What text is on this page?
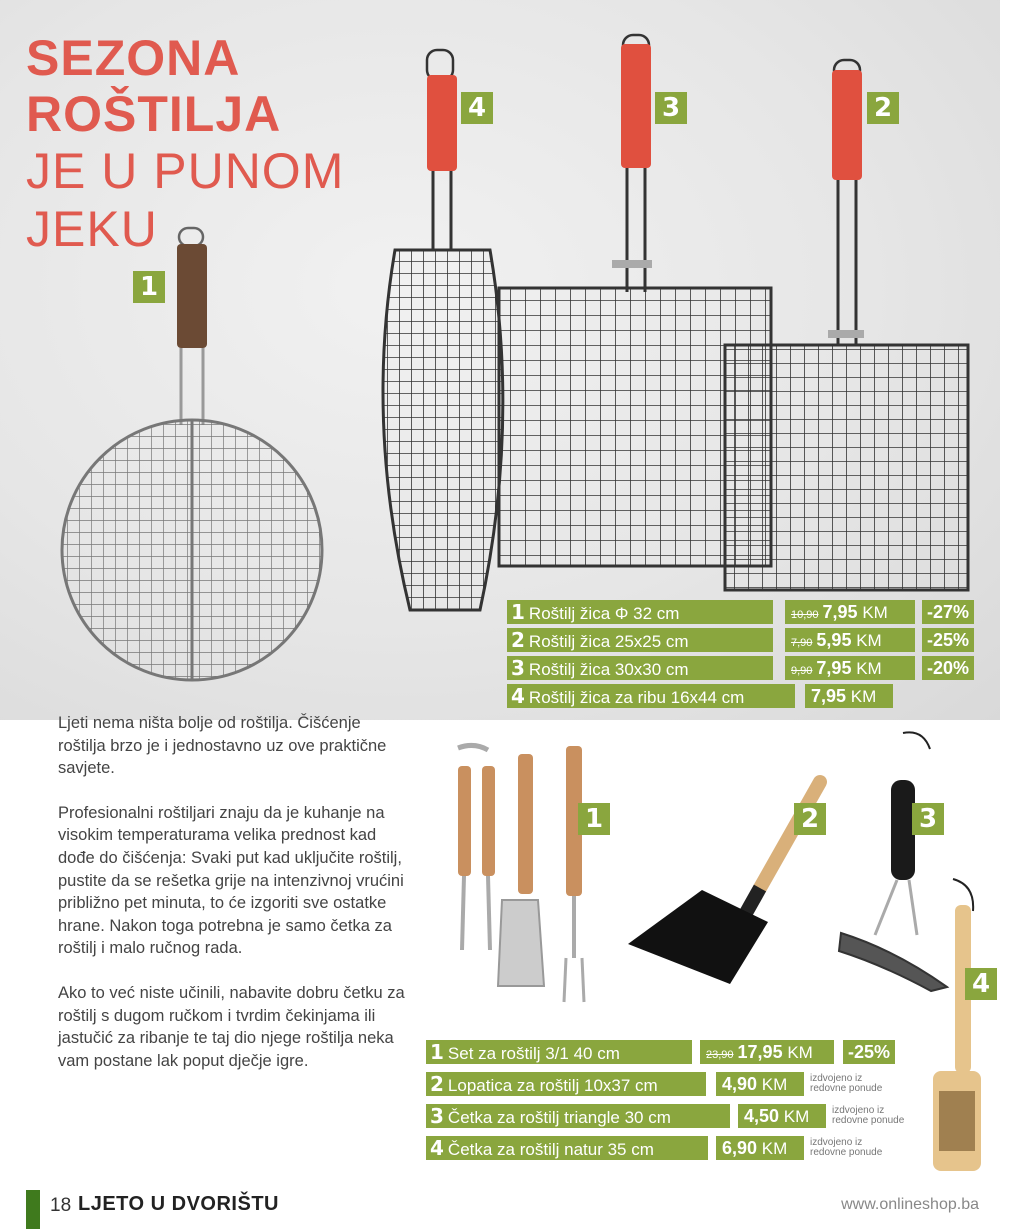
SEZONA
ROŠTILJA
JE U PUNOM
JEKU
1
2
3
4
1 Roštilj žica Φ 32 cm	10,90 7,95 KM	-27%
2 Roštilj žica 25x25 cm	7,90 5,95 KM	-25%
3 Roštilj žica 30x30 cm	9,90 7,95 KM	-20%
4 Roštilj žica za ribu 16x44 cm	7,95 KM

Ljeti nema ništa bolje od roštilja. Čišćenje roštilja brzo je i jednostavno uz ove praktične savjete.

Profesionalni roštiljari znaju da je kuhanje na visokim temperaturama velika prednost kad dođe do čišćenja: Svaki put kad uključite roštilj, pustite da se rešetka grije na intenzivnoj vrućini približno pet minuta, to će izgoriti sve ostatke hrane. Nakon toga potrebna je samo četka za roštilj i malo ručnog rada.

Ako to već niste učinili, nabavite dobru četku za roštilj s dugom ručkom i tvrdim čekinjama ili jastučić za ribanje te taj dio njege roštilja neka vam postane lak poput dječje igre.

1	2	3
4
1 Set za roštilj 3/1 40 cm	23,90 17,95 KM	-25%
2 Lopatica za roštilj 10x37 cm	4,90 KM	izdvojeno iz
redovne ponude
3 Četka za roštilj triangle 30 cm	4,50 KM	izdvojeno iz
redovne ponude
4 Četka za roštilj natur 35 cm	6,90 KM	izdvojeno iz
redovne ponude
18 LJETO U DVORIŠTU	www.onlineshop.ba
